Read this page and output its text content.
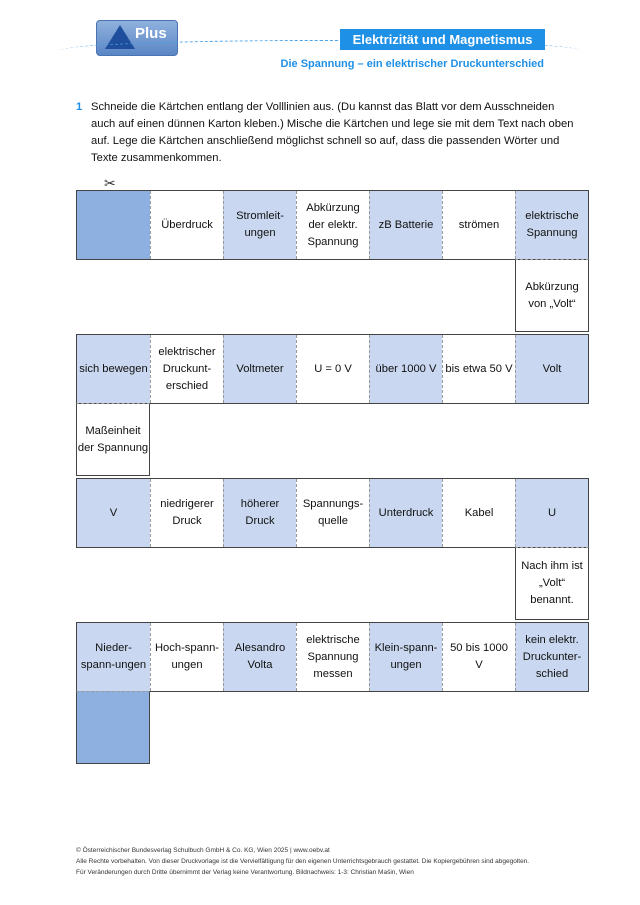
Plus	Elektrizität und Magnetismus
Die Spannung – ein elektrischer Druckunterschied
1 Schneide die Kärtchen entlang der Volllinien aus. (Du kannst das Blatt vor dem Ausschneiden auch auf einen dünnen Karton kleben.) Mische die Kärtchen und lege sie mit dem Text nach oben auf. Lege die Kärtchen anschließend möglichst schnell so auf, dass die passenden Wörter und Texte zusammenkommen.
✂
Überdruck
Stromleit-ungen
Abkürzung der elektr. Spannung
zB Batterie	strömen
elektrische Spannung
Abkürzung von „Volt“
sich bewegen
elektrischer Druckunt-erschied
Voltmeter	U = 0 V	über 1000 V bis etwa 50 V	Volt
Maßeinheit der Spannung
V
niedrigerer Druck
höherer Druck
Spannungs-quelle
Unterdruck	Kabel	U
Nach ihm ist „Volt“ benannt.
Nieder-spann-ungen
Hoch-spann-ungen
Alesandro Volta
elektrische Spannung messen
Klein-spann-ungen
50 bis 1000 V
kein elektr. Druckunter-schied
© Österreichischer Bundesverlag Schulbuch GmbH & Co. KG, Wien 2025 | www.oebv.at
Alle Rechte vorbehalten. Von dieser Druckvorlage ist die Vervielfältigung für den eigenen Unterrichtsgebrauch gestattet. Die Kopiergebühren sind abgegolten.
Für Veränderungen durch Dritte übernimmt der Verlag keine Verantwortung. Bildnachweis: 1-3: Christian Mašin, Wien
